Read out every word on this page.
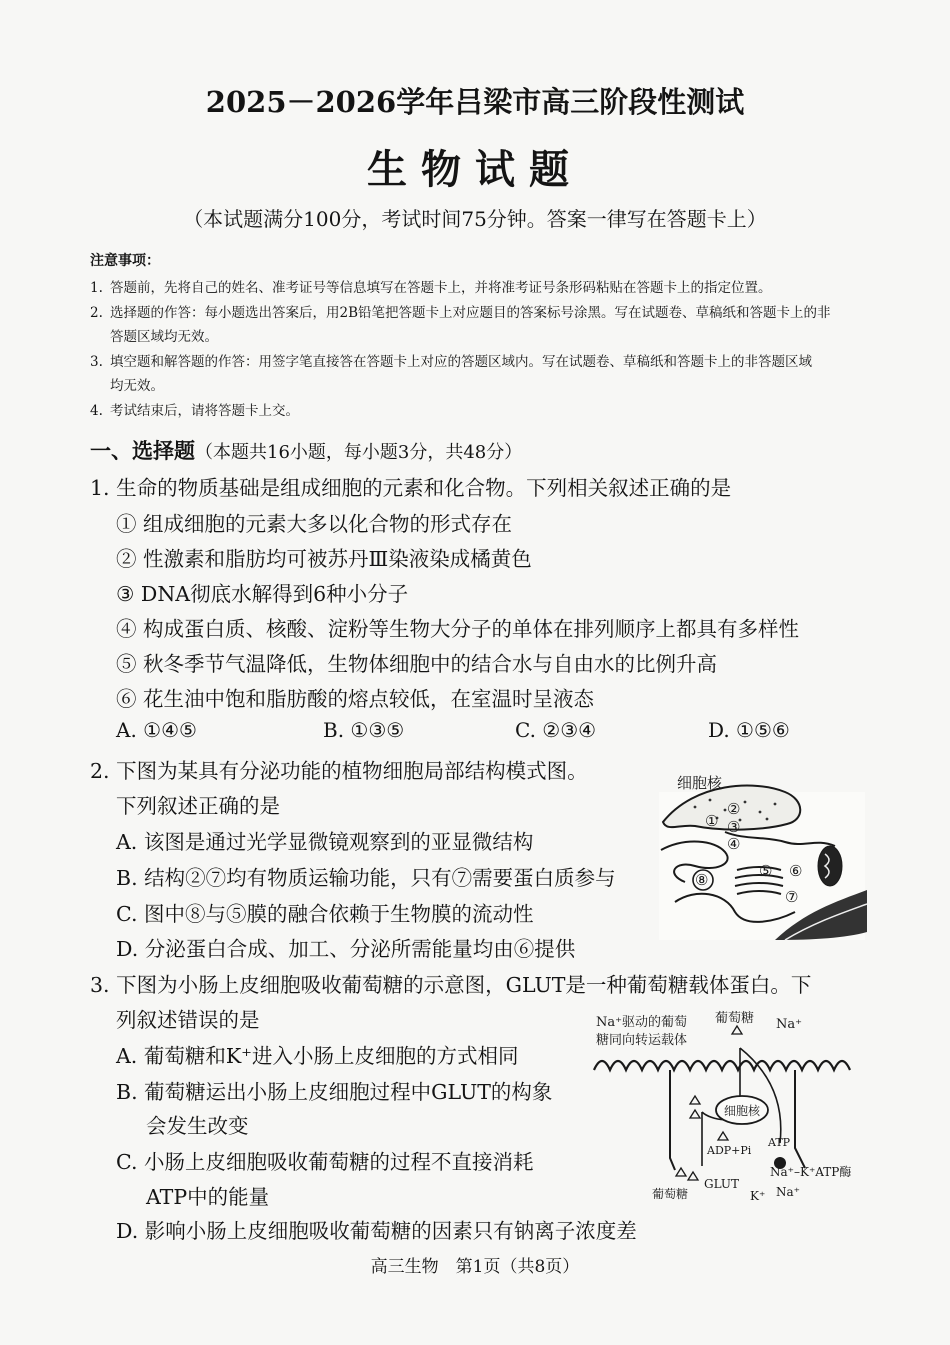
2025－2026学年吕梁市高三阶段性测试
生物试题
（本试题满分100分，考试时间75分钟。答案一律写在答题卡上）
注意事项：
1. 答题前，先将自己的姓名、准考证号等信息填写在答题卡上，并将准考证号条形码粘贴在答题卡上的指定位置。
2. 选择题的作答：每小题选出答案后，用2B铅笔把答题卡上对应题目的答案标号涂黑。写在试题卷、草稿纸和答题卡上的非
答题区域均无效。
3. 填空题和解答题的作答：用签字笔直接答在答题卡上对应的答题区域内。写在试题卷、草稿纸和答题卡上的非答题区域
均无效。
4. 考试结束后，请将答题卡上交。
一、选择题（本题共16小题，每小题3分，共48分）
1. 生命的物质基础是组成细胞的元素和化合物。下列相关叙述正确的是
① 组成细胞的元素大多以化合物的形式存在
② 性激素和脂肪均可被苏丹Ⅲ染液染成橘黄色
③ DNA彻底水解得到6种小分子
④ 构成蛋白质、核酸、淀粉等生物大分子的单体在排列顺序上都具有多样性
⑤ 秋冬季节气温降低，生物体细胞中的结合水与自由水的比例升高
⑥ 花生油中饱和脂肪酸的熔点较低，在室温时呈液态
A. ①④⑤	B. ①③⑤	C. ②③④	D. ①⑤⑥
2. 下图为某具有分泌功能的植物细胞局部结构模式图。
下列叙述正确的是
A. 该图是通过光学显微镜观察到的亚显微结构
B. 结构②⑦均有物质运输功能，只有⑦需要蛋白质参与
C. 图中⑧与⑤膜的融合依赖于生物膜的流动性
D. 分泌蛋白合成、加工、分泌所需能量均由⑥提供
细胞核
①
②
③
④
⑤ ⑥
⑦
⑧
3. 下图为小肠上皮细胞吸收葡萄糖的示意图，GLUT是一种葡萄糖载体蛋白。下
列叙述错误的是
A. 葡萄糖和K⁺进入小肠上皮细胞的方式相同
B. 葡萄糖运出小肠上皮细胞过程中GLUT的构象
会发生改变
C. 小肠上皮细胞吸收葡萄糖的过程不直接消耗
ATP中的能量
D. 影响小肠上皮细胞吸收葡萄糖的因素只有钠离子浓度差
Na⁺驱动的葡萄
糖同向转运载体
葡萄糖 Na⁺
细胞核
ADP+Pi
ATP
Na⁺–K⁺ATP酶
葡萄糖
GLUT
K⁺ Na⁺
高三生物　第1页（共8页）
